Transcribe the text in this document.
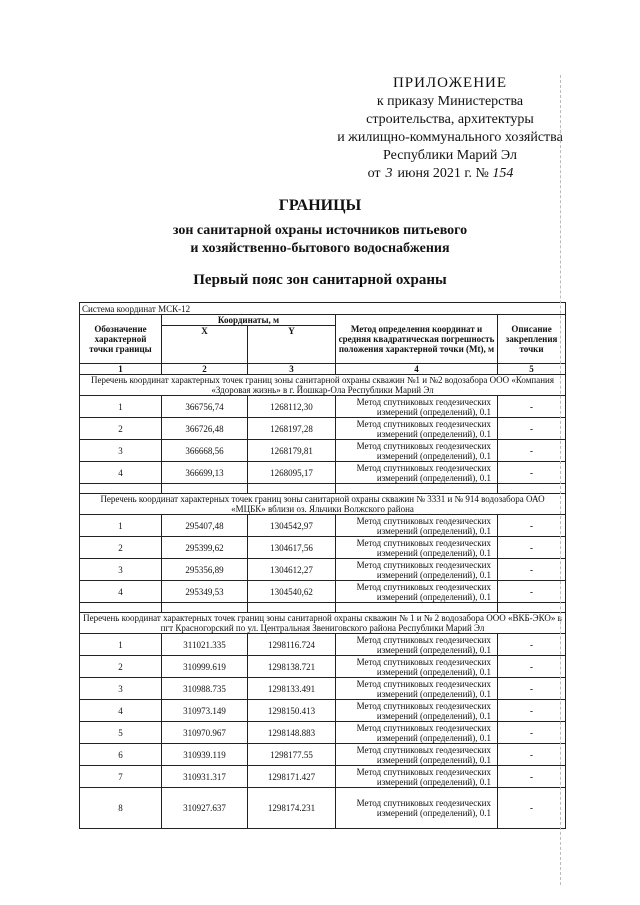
ПРИЛОЖЕНИЕ
к приказу Министерства
строительства, архитектуры
и жилищно-коммунального хозяйства
Республики Марий Эл
от 3 июня 2021 г. № 154
ГРАНИЦЫ
зон санитарной охраны источников питьевого
и хозяйственно-бытового водоснабжения
Первый пояс зон санитарной охраны
Система координат МСК-12				
Обозначение характерной точки границы	Координаты, м		Метод определения координат и средняя квадратическая погрешность положения характерной точки (Mt), м	Описание закрепления точки
	X	Y		
1	2	3	4	5
Перечень координат характерных точек границ зоны санитарной охраны скважин №1 и №2 водозабора ООО «Компания «Здоровая жизнь» в г. Йошкар-Ола Республики Марий Эл				
1	366756,74	1268112,30	Метод спутниковых геодезических измерений (определений), 0.1	-
2	366726,48	1268197,28	Метод спутниковых геодезических измерений (определений), 0.1	-
3	366668,56	1268179,81	Метод спутниковых геодезических измерений (определений), 0.1	-
4	366699,13	1268095,17	Метод спутниковых геодезических измерений (определений), 0.1	-

Перечень координат характерных точек границ зоны санитарной охраны скважин № 3331 и № 914 водозабора ОАО «МЦБК» вблизи оз. Яльчики Волжского района				
1	295407,48	1304542,97	Метод спутниковых геодезических измерений (определений), 0.1	-
2	295399,62	1304617,56	Метод спутниковых геодезических измерений (определений), 0.1	-
3	295356,89	1304612,27	Метод спутниковых геодезических измерений (определений), 0.1	-
4	295349,53	1304540,62	Метод спутниковых геодезических измерений (определений), 0.1	-

Перечень координат характерных точек границ зоны санитарной охраны скважин № 1 и № 2 водозабора ООО «ВКБ-ЭКО» в пгт Красногорский по ул. Центральная Звениговского района Республики Марий Эл				
1	311021.335	1298116.724	Метод спутниковых геодезических измерений (определений), 0.1	-
2	310999.619	1298138.721	Метод спутниковых геодезических измерений (определений), 0.1	-
3	310988.735	1298133.491	Метод спутниковых геодезических измерений (определений), 0.1	-
4	310973.149	1298150.413	Метод спутниковых геодезических измерений (определений), 0.1	-
5	310970.967	1298148.883	Метод спутниковых геодезических измерений (определений), 0.1	-
6	310939.119	1298177.55	Метод спутниковых геодезических измерений (определений), 0.1	-
7	310931.317	1298171.427	Метод спутниковых геодезических измерений (определений), 0.1	-
8	310927.637	1298174.231	Метод спутниковых геодезических измерений (определений), 0.1	-
